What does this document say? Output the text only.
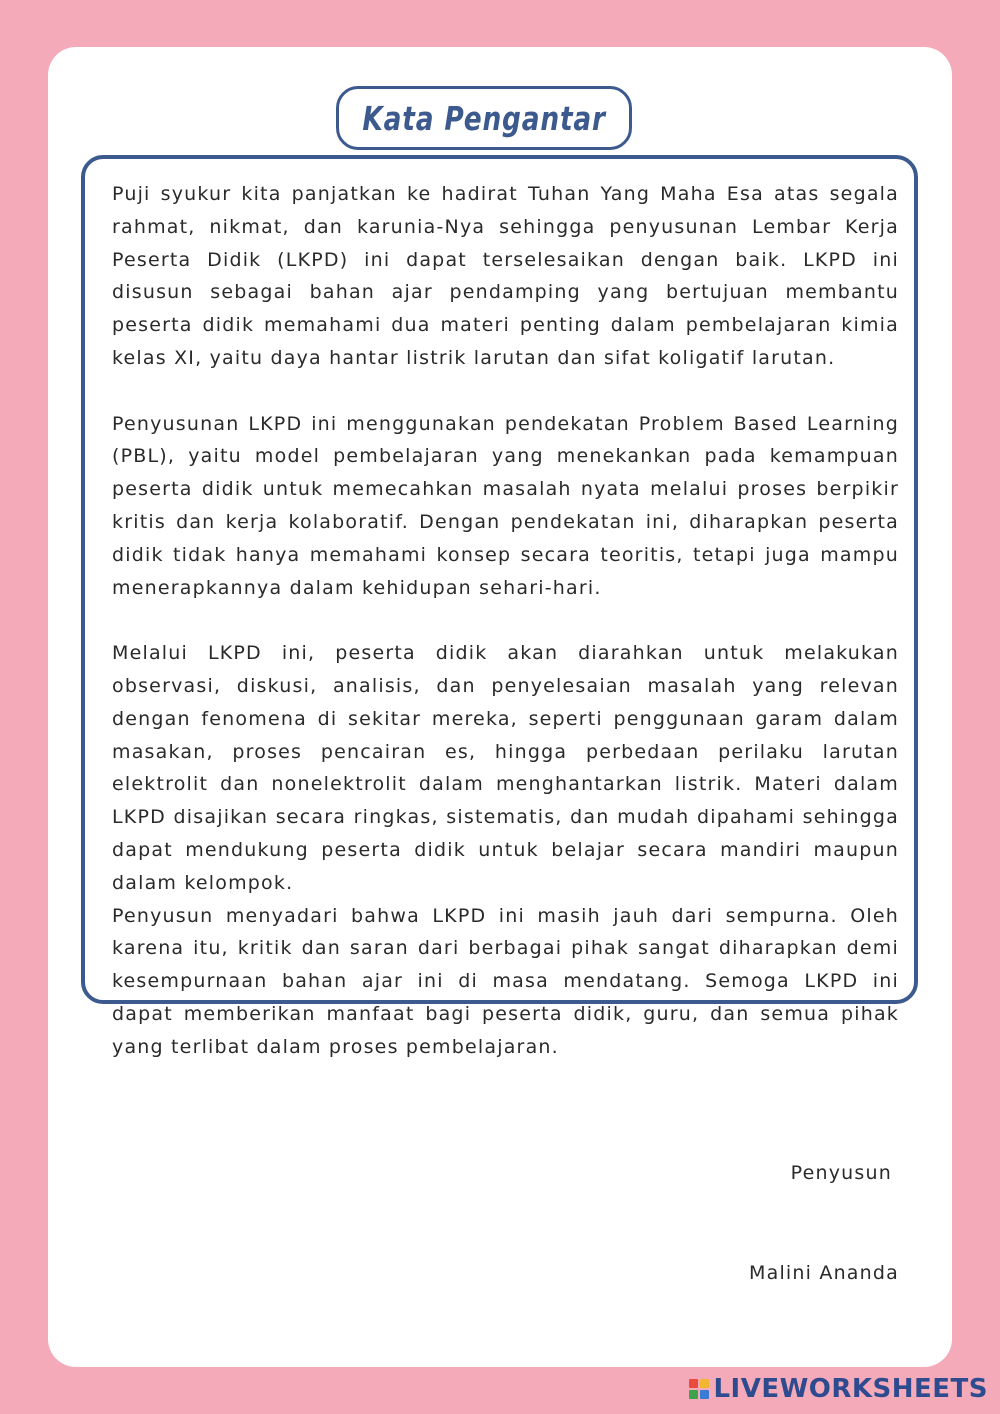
Kata Pengantar

Puji syukur kita panjatkan ke hadirat Tuhan Yang Maha Esa atas segala rahmat, nikmat, dan karunia-Nya sehingga penyusunan Lembar Kerja Peserta Didik (LKPD) ini dapat terselesaikan dengan baik. LKPD ini disusun sebagai bahan ajar pendamping yang bertujuan membantu peserta didik memahami dua materi penting dalam pembelajaran kimia kelas XI, yaitu daya hantar listrik larutan dan sifat koligatif larutan.

Penyusunan LKPD ini menggunakan pendekatan Problem Based Learning (PBL), yaitu model pembelajaran yang menekankan pada kemampuan peserta didik untuk memecahkan masalah nyata melalui proses berpikir kritis dan kerja kolaboratif. Dengan pendekatan ini, diharapkan peserta didik tidak hanya memahami konsep secara teoritis, tetapi juga mampu menerapkannya dalam kehidupan sehari-hari.

Melalui LKPD ini, peserta didik akan diarahkan untuk melakukan observasi, diskusi, analisis, dan penyelesaian masalah yang relevan dengan fenomena di sekitar mereka, seperti penggunaan garam dalam masakan, proses pencairan es, hingga perbedaan perilaku larutan elektrolit dan nonelektrolit dalam menghantarkan listrik. Materi dalam LKPD disajikan secara ringkas, sistematis, dan mudah dipahami sehingga dapat mendukung peserta didik untuk belajar secara mandiri maupun dalam kelompok.

Penyusun menyadari bahwa LKPD ini masih jauh dari sempurna. Oleh karena itu, kritik dan saran dari berbagai pihak sangat diharapkan demi kesempurnaan bahan ajar ini di masa mendatang. Semoga LKPD ini dapat memberikan manfaat bagi peserta didik, guru, dan semua pihak yang terlibat dalam proses pembelajaran.

Penyusun
Malini Ananda
LIVEWORKSHEETS
